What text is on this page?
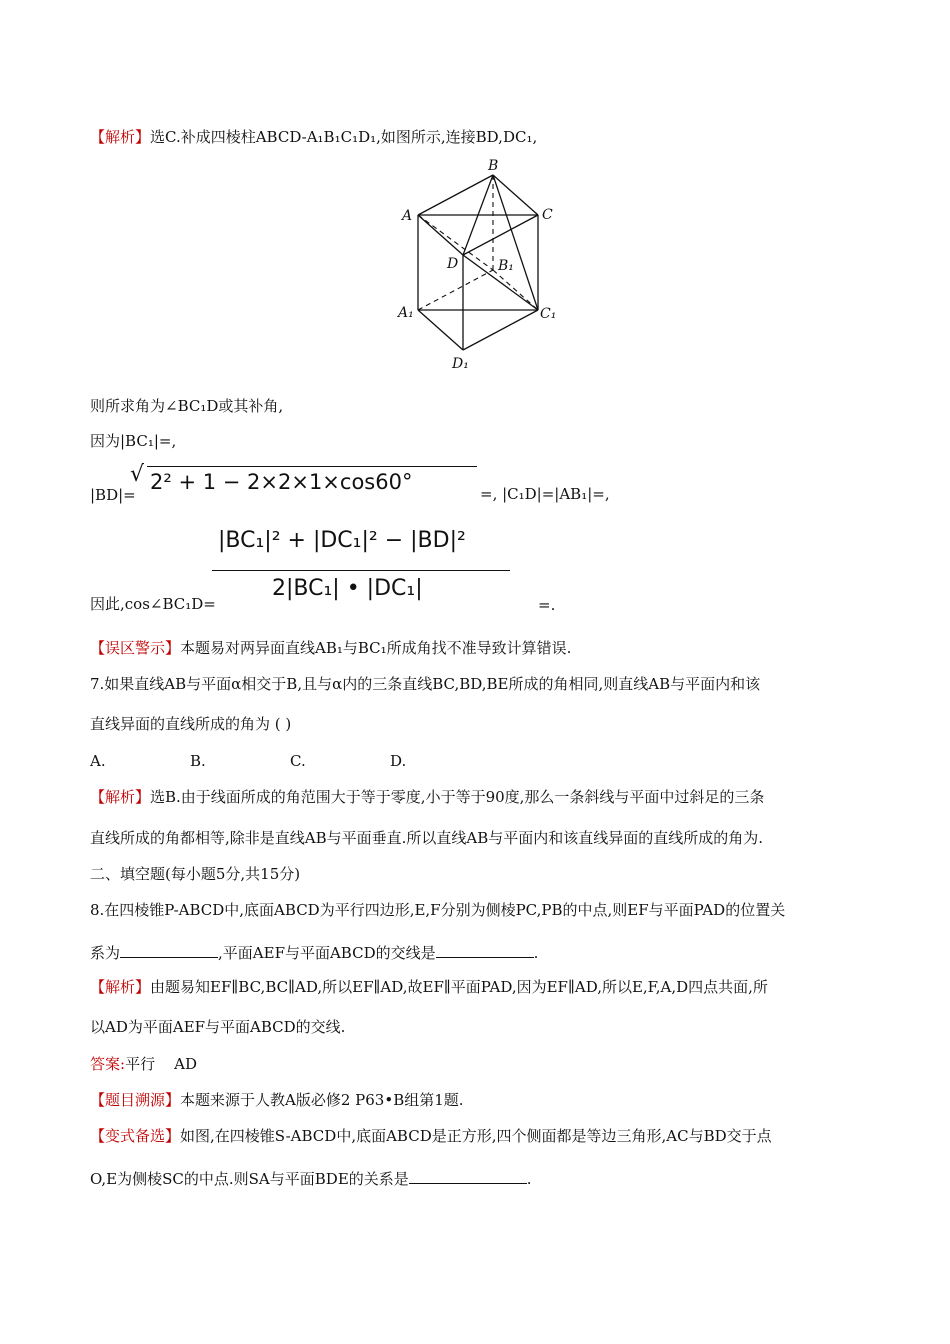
【解析】选C.补成四棱柱ABCD-A₁B₁C₁D₁,如图所示,连接BD,DC₁,
B
A	C
D	B₁
A₁	C₁
D₁
则所求角为∠BC₁D或其补角,
因为|BC₁|=,
|BD|=
√ 2² + 1 − 2×2×1×cos60°	=, |C₁D|=|AB₁|=,
|BC₁|² + |DC₁|² − |BD|²
2|BC₁| • |DC₁|
因此,cos∠BC₁D=	=.
【误区警示】本题易对两异面直线AB₁与BC₁所成角找不准导致计算错误.
7.如果直线AB与平面α相交于B,且与α内的三条直线BC,BD,BE所成的角相同,则直线AB与平面内和该
直线异面的直线所成的角为 ( )
A.	B.	C.	D.
【解析】选B.由于线面所成的角范围大于等于零度,小于等于90度,那么一条斜线与平面中过斜足的三条
直线所成的角都相等,除非是直线AB与平面垂直.所以直线AB与平面内和该直线异面的直线所成的角为.
二、填空题(每小题5分,共15分)
8.在四棱锥P-ABCD中,底面ABCD为平行四边形,E,F分别为侧棱PC,PB的中点,则EF与平面PAD的位置关
系为	,平面AEF与平面ABCD的交线是	.
【解析】由题易知EF∥BC,BC∥AD,所以EF∥AD,故EF∥平面PAD,因为EF∥AD,所以E,F,A,D四点共面,所
以AD为平面AEF与平面ABCD的交线.
答案:平行    AD
【题目溯源】本题来源于人教A版必修2 P63•B组第1题.
【变式备选】如图,在四棱锥S-ABCD中,底面ABCD是正方形,四个侧面都是等边三角形,AC与BD交于点
O,E为侧棱SC的中点.则SA与平面BDE的关系是	.
